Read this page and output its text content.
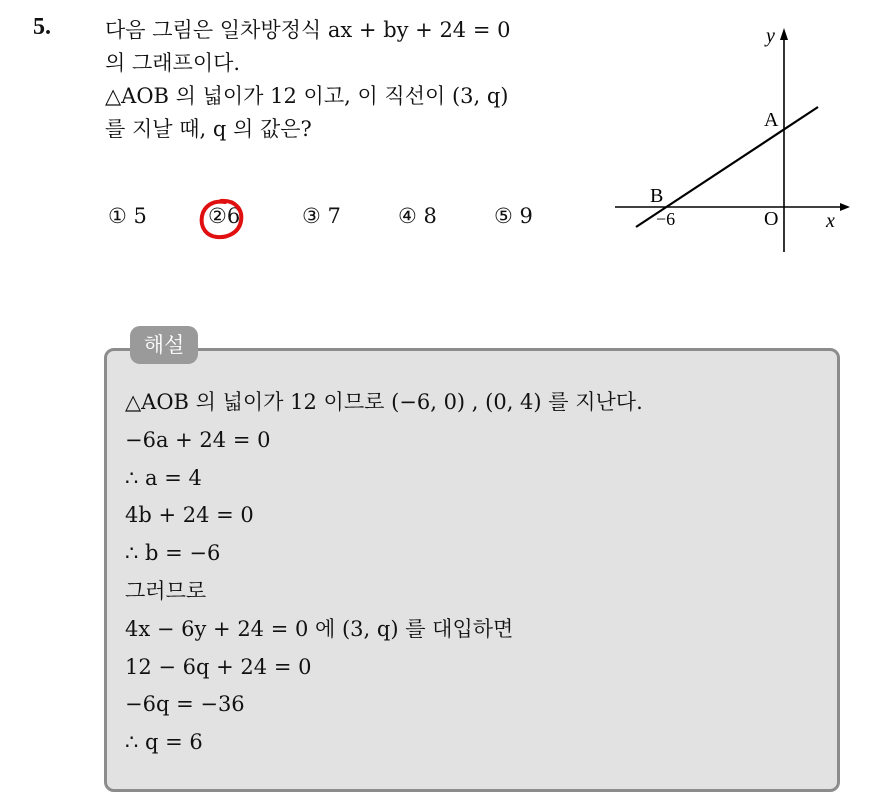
5.	다음 그림은 일차방정식 ax + by + 24 = 0
의 그래프이다.
△AOB 의 넓이가 12 이고, 이 직선이 (3, q)
를 지날 때, q 의 값은?
① 5	②6	③ 7	④ 8	⑤ 9
y
x
O
A
B
−6
해설
△AOB 의 넓이가 12 이므로 (−6, 0) , (0, 4) 를 지난다.
−6a + 24 = 0
∴ a = 4
4b + 24 = 0
∴ b = −6
그러므로
4x − 6y + 24 = 0 에 (3, q) 를 대입하면
12 − 6q + 24 = 0
−6q = −36
∴ q = 6
